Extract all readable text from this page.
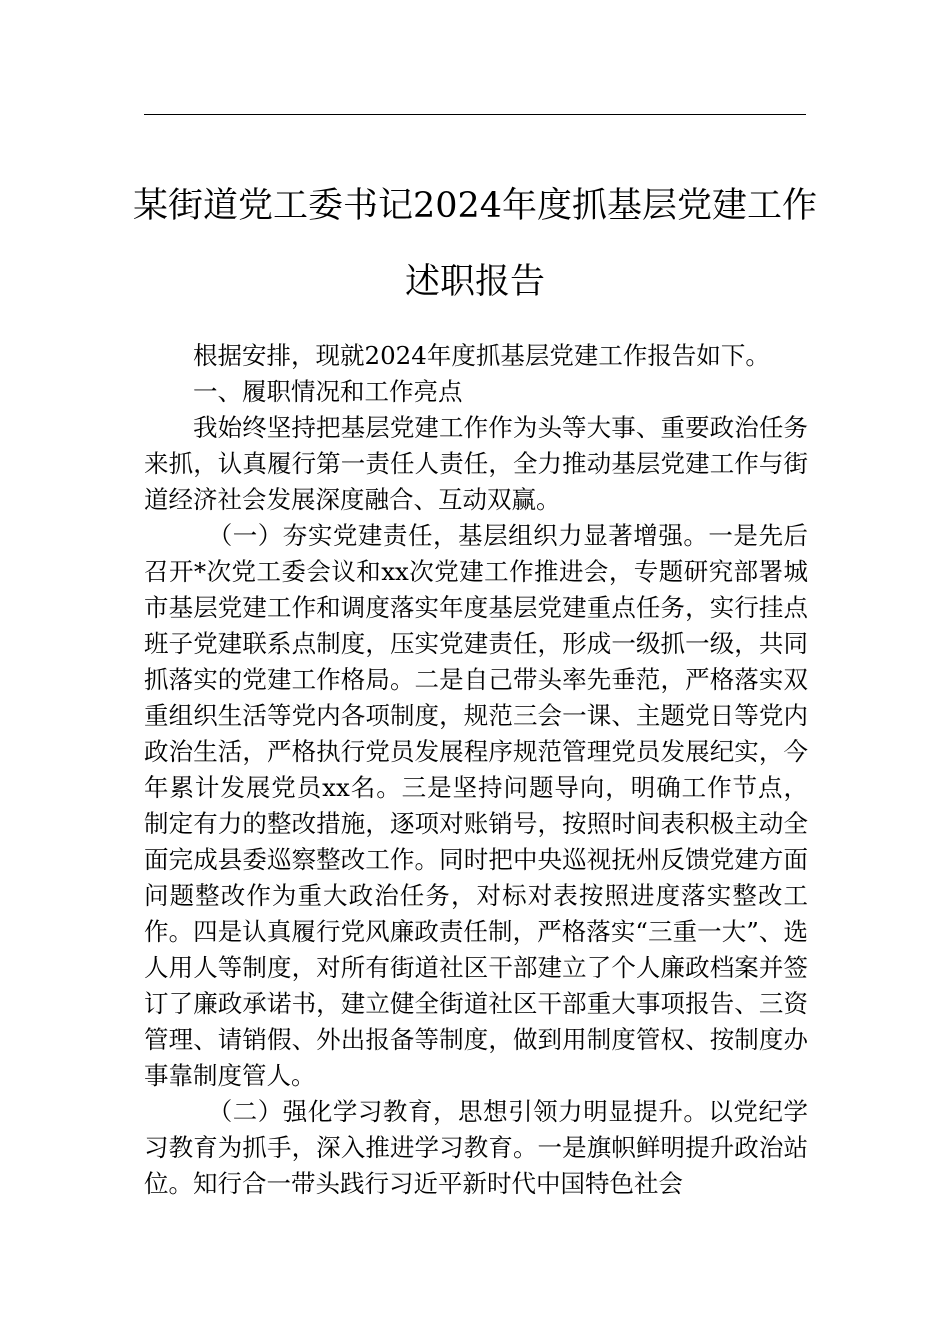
某街道党工委书记2024年度抓基层党建工作述职报告

根据安排，现就2024年度抓基层党建工作报告如下。

一、履职情况和工作亮点

我始终坚持把基层党建工作作为头等大事、重要政治任务来抓，认真履行第一责任人责任，全力推动基层党建工作与街道经济社会发展深度融合、互动双赢。

（一）夯实党建责任，基层组织力显著增强。一是先后召开*次党工委会议和xx次党建工作推进会，专题研究部署城市基层党建工作和调度落实年度基层党建重点任务，实行挂点班子党建联系点制度，压实党建责任，形成一级抓一级，共同抓落实的党建工作格局。二是自己带头率先垂范，严格落实双重组织生活等党内各项制度，规范三会一课、主题党日等党内政治生活，严格执行党员发展程序规范管理党员发展纪实，今年累计发展党员xx名。三是坚持问题导向，明确工作节点，制定有力的整改措施，逐项对账销号，按照时间表积极主动全面完成县委巡察整改工作。同时把中央巡视抚州反馈党建方面问题整改作为重大政治任务，对标对表按照进度落实整改工作。四是认真履行党风廉政责任制，严格落实“三重一大”、选人用人等制度，对所有街道社区干部建立了个人廉政档案并签订了廉政承诺书，建立健全街道社区干部重大事项报告、三资管理、请销假、外出报备等制度，做到用制度管权、按制度办事靠制度管人。

（二）强化学习教育，思想引领力明显提升。以党纪学习教育为抓手，深入推进学习教育。一是旗帜鲜明提升政治站位。知行合一带头践行习近平新时代中国特色社会
